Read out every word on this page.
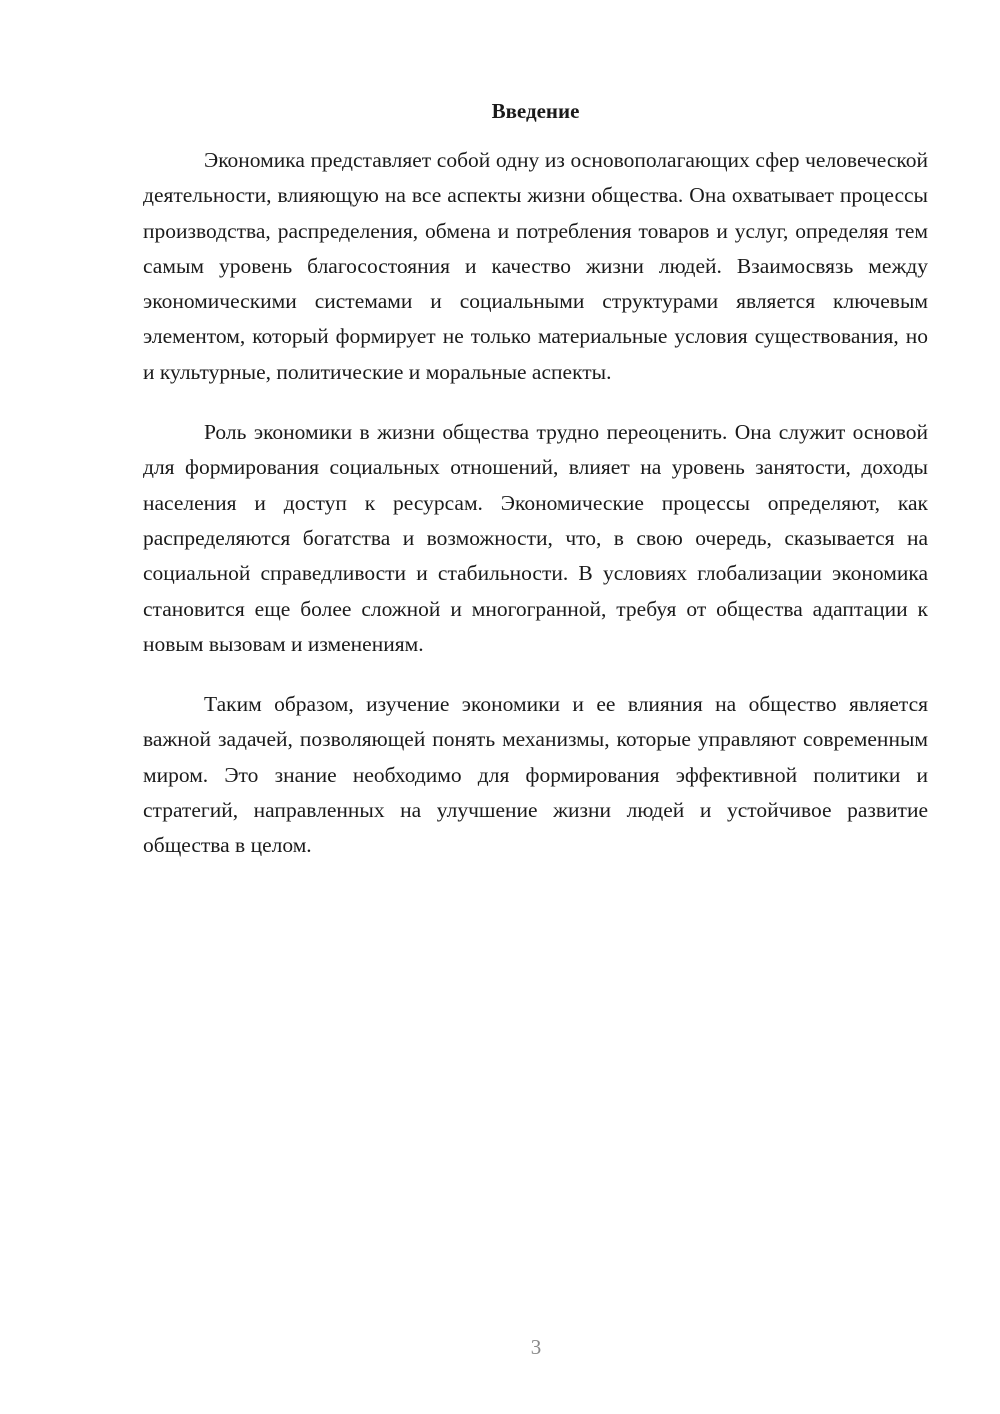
Введение

Экономика представляет собой одну из основополагающих сфер человеческой деятельности, влияющую на все аспекты жизни общества. Она охватывает процессы производства, распределения, обмена и потребления товаров и услуг, определяя тем самым уровень благосостояния и качество жизни людей. Взаимосвязь между экономическими системами и социальными структурами является ключевым элементом, который формирует не только материальные условия существования, но и культурные, политические и моральные аспекты.

Роль экономики в жизни общества трудно переоценить. Она служит основой для формирования социальных отношений, влияет на уровень занятости, доходы населения и доступ к ресурсам. Экономические процессы определяют, как распределяются богатства и возможности, что, в свою очередь, сказывается на социальной справедливости и стабильности. В условиях глобализации экономика становится еще более сложной и многогранной, требуя от общества адаптации к новым вызовам и изменениям.

Таким образом, изучение экономики и ее влияния на общество является важной задачей, позволяющей понять механизмы, которые управляют современным миром. Это знание необходимо для формирования эффективной политики и стратегий, направленных на улучшение жизни людей и устойчивое развитие общества в целом.

3
